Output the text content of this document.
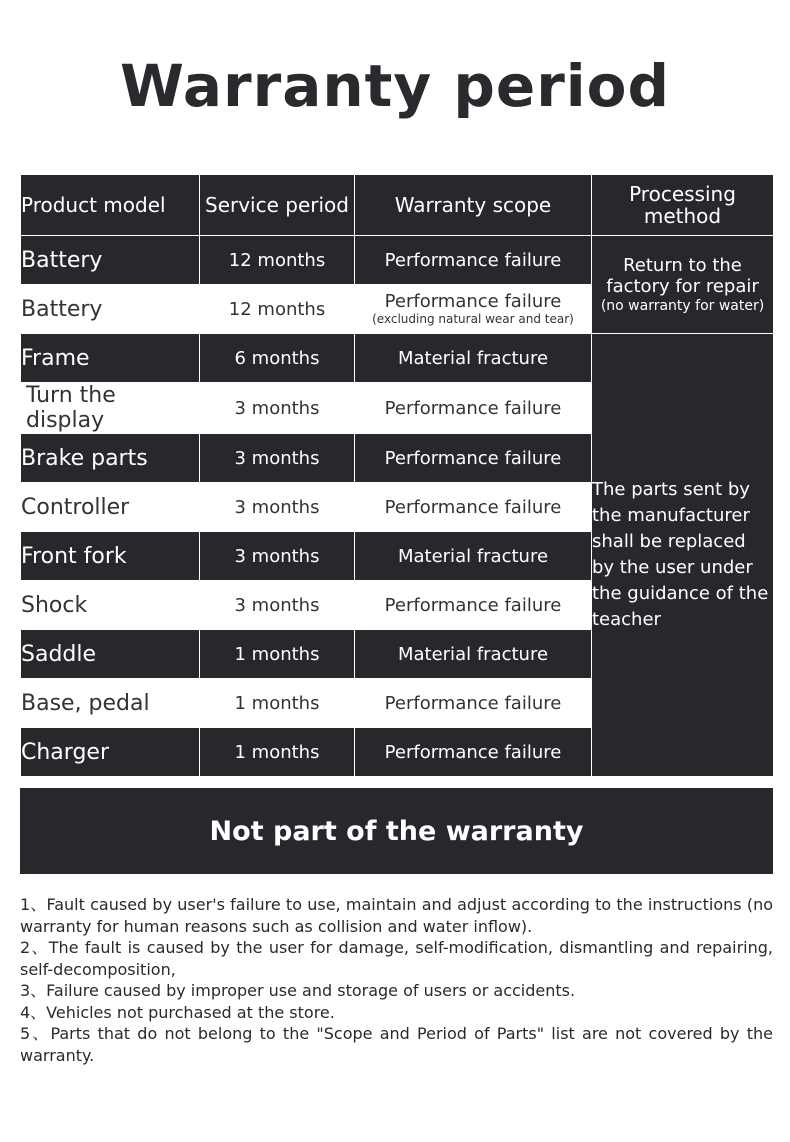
Warranty period
Product model	Service period	Warranty scope	Processing method
Battery	12 months	Performance failure	Return to the
factory for repair
(no warranty for water)

Battery	12 months	Performance failure
(excluding natural wear and tear)	

Frame	6 months	Material fracture	The parts sent by the manufacturer shall be replaced by the user under the guidance of the teacher
Turn the display	3 months	Performance failure	
Brake parts	3 months	Performance failure	
Controller	3 months	Performance failure	
Front fork	3 months	Material fracture	
Shock	3 months	Performance failure	
Saddle	1 months	Material fracture	
Base, pedal	1 months	Performance failure	
Charger	1 months	Performance failure	
Not part of the warranty

1、Fault caused by user's failure to use, maintain and adjust according to the instructions (no warranty for human reasons such as collision and water inflow).

2、The fault is caused by the user for damage, self-modification, dismantling and repairing, self-decomposition,

3、Failure caused by improper use and storage of users or accidents.

4、Vehicles not purchased at the store.

5、Parts that do not belong to the "Scope and Period of Parts" list are not covered by the warranty.
